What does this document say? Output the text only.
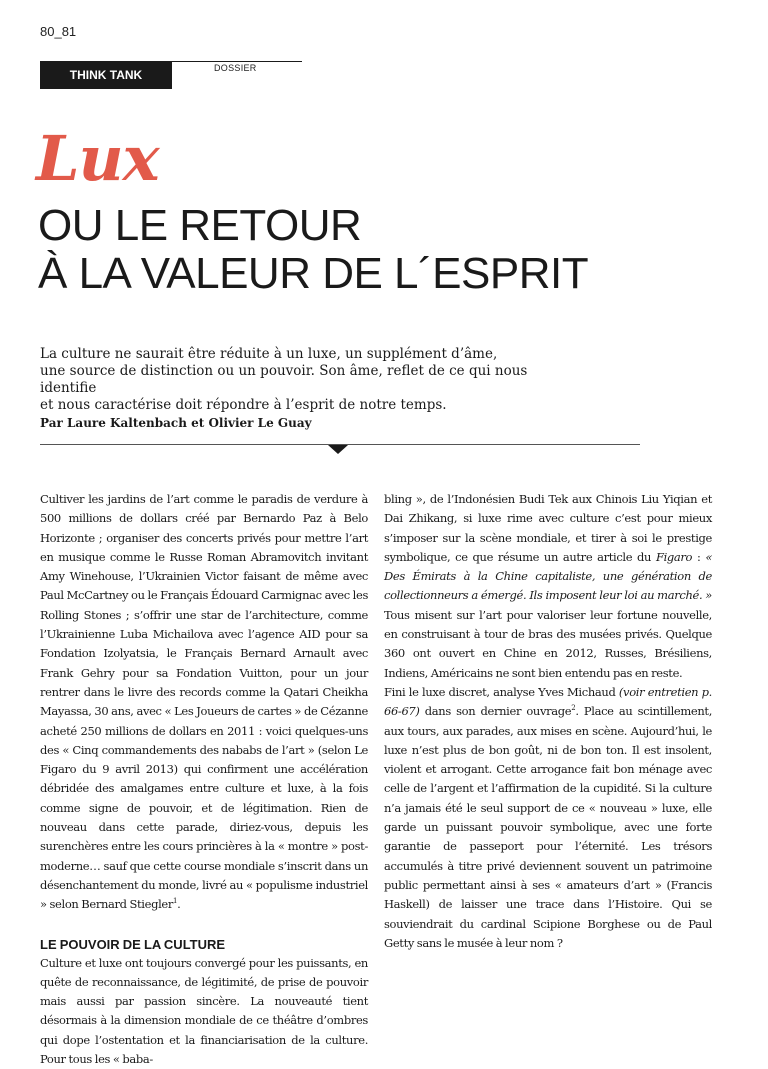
80_81
THINK TANK	DOSSIER
Lux
OU LE RETOUR
À LA VALEUR DE L´ESPRIT

La culture ne saurait être réduite à un luxe, un supplément d’âme,

une source de distinction ou un pouvoir. Son âme, reflet de ce qui nous identifie

et nous caractérise doit répondre à l’esprit de notre temps.

Par Laure Kaltenbach et Olivier Le Guay

Cultiver les jardins de l’art comme le paradis de verdure à 500 millions de dollars créé par Bernardo Paz à Belo Horizonte ; organiser des concerts privés pour mettre l’art en musique comme le Russe Roman Abramovitch invitant Amy Winehouse, l’Ukrainien Victor faisant de même avec Paul McCartney ou le Français Édouard Carmignac avec les Rolling Stones ; s’offrir une star de l’architecture, comme l’Ukrainienne Luba Michailova avec l’agence AID pour sa Fondation Izolyatsia, le Français Bernard Arnault avec Frank Gehry pour sa Fondation Vuitton, pour un jour rentrer dans le livre des records comme la Qatari Cheikha Mayassa, 30 ans, avec « Les Joueurs de cartes » de Cézanne acheté 250 millions de dollars en 2011 : voici quelques-uns des « Cinq commandements des nababs de l’art » (selon Le Figaro du 9 avril 2013) qui confirment une accélération débridée des amalgames entre culture et luxe, à la fois comme signe de pouvoir, et de légitimation. Rien de nouveau dans cette parade, diriez-vous, depuis les surenchères entre les cours princières à la « montre » post-moderne… sauf que cette course mondiale s’inscrit dans un désenchantement du monde, livré au « populisme industriel » selon Bernard Stiegler$^1$.

LE POUVOIR DE LA CULTURE

Culture et luxe ont toujours convergé pour les puissants, en quête de reconnaissance, de légitimité, de prise de pouvoir mais aussi par passion sincère. La nouveauté tient désormais à la dimension mondiale de ce théâtre d’ombres qui dope l’ostentation et la financiarisation de la culture. Pour tous les « baba-

bling », de l’Indonésien Budi Tek aux Chinois Liu Yiqian et Dai Zhikang, si luxe rime avec culture c’est pour mieux s’imposer sur la scène mondiale, et tirer à soi le prestige symbolique, ce que résume un autre article du Figaro : « Des Émirats à la Chine capitaliste, une génération de collectionneurs a émergé. Ils imposent leur loi au marché. » Tous misent sur l’art pour valoriser leur fortune nouvelle, en construisant à tour de bras des musées privés. Quelque 360 ont ouvert en Chine en 2012, Russes, Brésiliens, Indiens, Américains ne sont bien entendu pas en reste.

Fini le luxe discret, analyse Yves Michaud (voir entretien p. 66-67) dans son dernier ouvrage$^2$. Place au scintillement, aux tours, aux parades, aux mises en scène. Aujourd’hui, le luxe n’est plus de bon goût, ni de bon ton. Il est insolent, violent et arrogant. Cette arrogance fait bon ménage avec celle de l’argent et l’affirmation de la cupidité. Si la culture n’a jamais été le seul support de ce « nouveau » luxe, elle garde un puissant pouvoir symbolique, avec une forte garantie de passeport pour l’éternité. Les trésors accumulés à titre privé deviennent souvent un patrimoine public permettant ainsi à ses « amateurs d’art » (Francis Haskell) de laisser une trace dans l’Histoire. Qui se souviendrait du cardinal Scipione Borghese ou de Paul Getty sans le musée à leur nom ?
